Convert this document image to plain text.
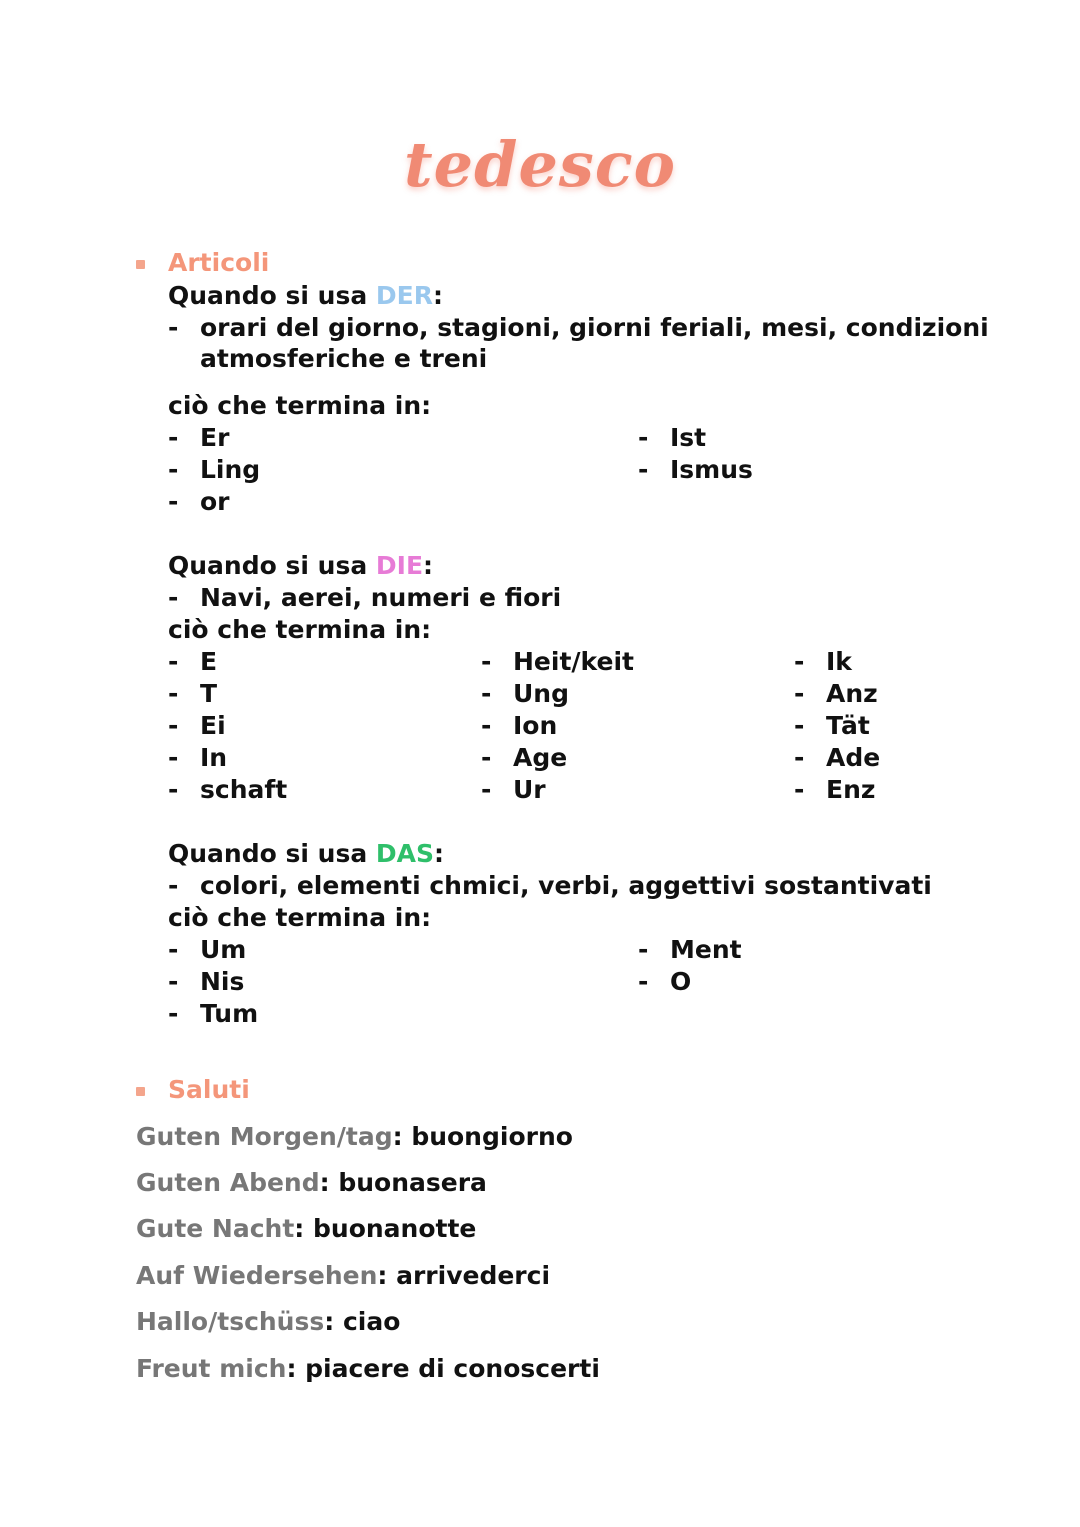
tedesco
Articoli
Quando si usa DER:
- orari del giorno, stagioni, giorni feriali, mesi, condizioni
atmosferiche e treni
ciò che termina in:
- Er
- Ling
- or
- Ist
- Ismus
Quando si usa DIE:
- Navi, aerei, numeri e fiori
ciò che termina in:
- E
- T
- Ei
- In
- schaft
- Heit/keit
- Ung
- Ion
- Age
- Ur
- Ik
- Anz
- Tät
- Ade
- Enz
Quando si usa DAS:
- colori, elementi chmici, verbi, aggettivi sostantivati
ciò che termina in:
- Um
- Nis
- Tum
- Ment
- O
Saluti
Guten Morgen/tag: buongiorno
Guten Abend: buonasera
Gute Nacht: buonanotte
Auf Wiedersehen: arrivederci
Hallo/tschüss: ciao
Freut mich: piacere di conoscerti
